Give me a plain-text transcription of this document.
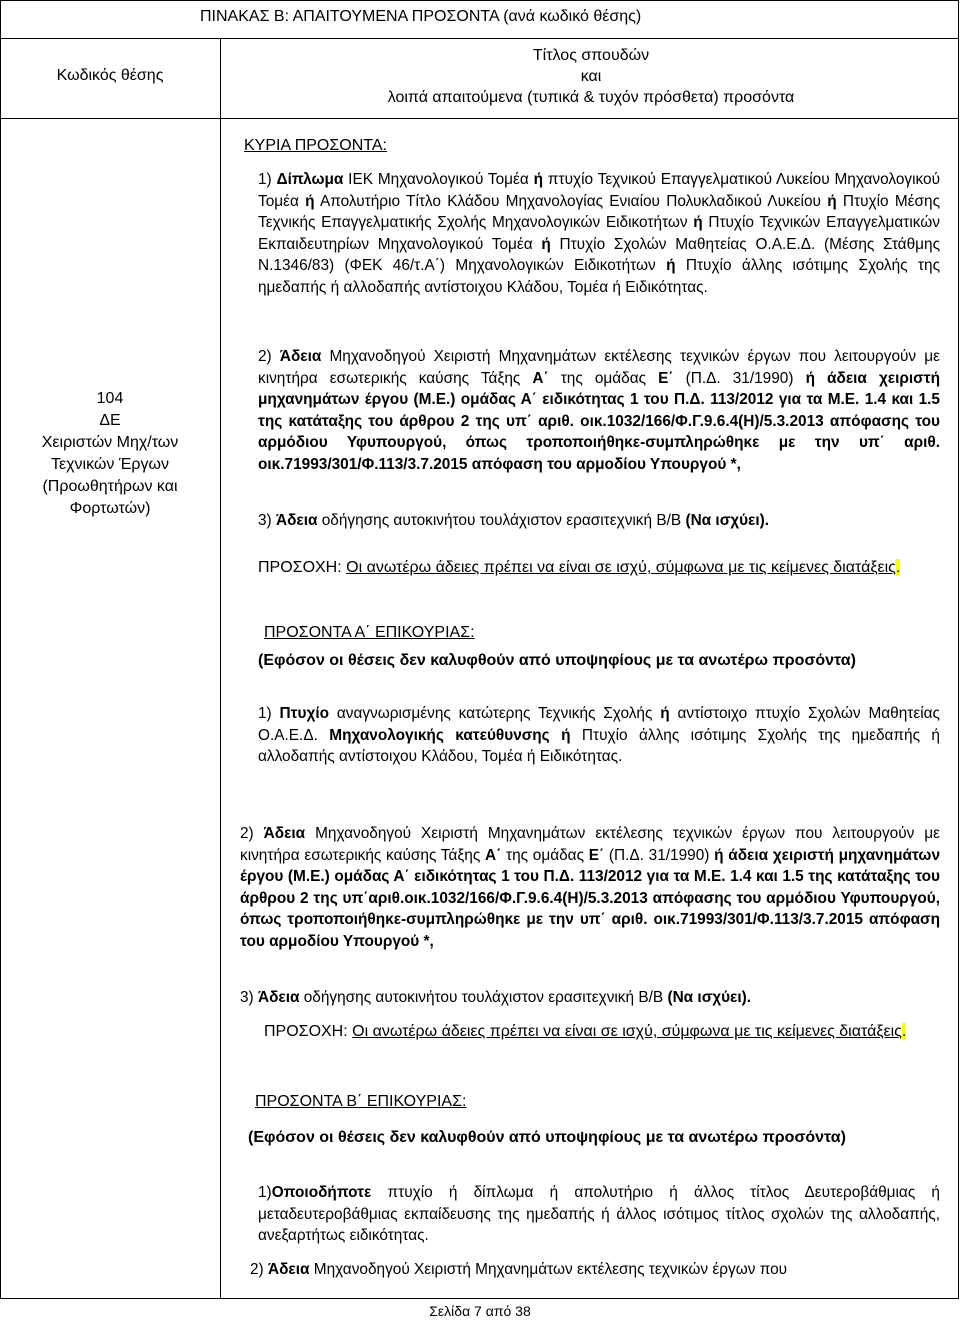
ΠΙΝΑΚΑΣ Β: ΑΠΑΙΤΟΥΜΕΝΑ ΠΡΟΣΟΝΤΑ (ανά κωδικό θέσης)
Κωδικός θέσης
Τίτλος σπουδών
και
λοιπά απαιτούμενα (τυπικά & τυχόν πρόσθετα) προσόντα
104
ΔΕ
Χειριστών Μηχ/των
Τεχνικών Έργων
(Προωθητήρων και
Φορτωτών)
ΚΥΡΙΑ ΠΡΟΣΟΝΤΑ:
1) Δίπλωμα ΙΕΚ Μηχανολογικού Τομέα ή πτυχίο Τεχνικού Επαγγελματικού Λυκείου Μηχανολογικού Τομέα ή Απολυτήριο Τίτλο Κλάδου Μηχανολογίας Ενιαίου Πολυκλαδικού Λυκείου ή Πτυχίο Μέσης Τεχνικής Επαγγελματικής Σχολής Μηχανολογικών Ειδικοτήτων ή Πτυχίο Τεχνικών Επαγγελματικών Εκπαιδευτηρίων Μηχανολογικού Τομέα ή Πτυχίο Σχολών Μαθητείας Ο.Α.Ε.Δ. (Μέσης Στάθμης Ν.1346/83) (ΦΕΚ 46/τ.Α΄) Μηχανολογικών Ειδικοτήτων ή Πτυχίο άλλης ισότιμης Σχολής της ημεδαπής ή αλλοδαπής αντίστοιχου Κλάδου, Τομέα ή Ειδικότητας.
2) Άδεια Μηχανοδηγού Χειριστή Μηχανημάτων εκτέλεσης τεχνικών έργων που λειτουργούν με κινητήρα εσωτερικής καύσης Τάξης Α΄ της ομάδας Ε΄ (Π.Δ. 31/1990) ή άδεια χειριστή μηχανημάτων έργου (Μ.Ε.) ομάδας Α΄ ειδικότητας 1 του Π.Δ. 113/2012 για τα Μ.Ε. 1.4 και 1.5 της κατάταξης του άρθρου 2 της υπ΄ αριθ. οικ.1032/166/Φ.Γ.9.6.4(Η)/5.3.2013 απόφασης του αρμόδιου Υφυπουργού, όπως τροποποιήθηκε-συμπληρώθηκε με την υπ΄ αριθ. οικ.71993/301/Φ.113/3.7.2015 απόφαση του αρμοδίου Υπουργού *,
3) Άδεια οδήγησης αυτοκινήτου τουλάχιστον ερασιτεχνική Β/Β (Να ισχύει).
ΠΡΟΣΟΧΗ: Οι ανωτέρω άδειες πρέπει να είναι σε ισχύ, σύμφωνα με τις κείμενες διατάξεις.
ΠΡΟΣΟΝΤΑ Α΄ ΕΠΙΚΟΥΡΙΑΣ:
(Εφόσον οι θέσεις δεν καλυφθούν από υποψηφίους με τα ανωτέρω προσόντα)
1) Πτυχίο αναγνωρισμένης κατώτερης Τεχνικής Σχολής ή αντίστοιχο πτυχίο Σχολών Μαθητείας Ο.Α.Ε.Δ. Μηχανολογικής κατεύθυνσης ή Πτυχίο άλλης ισότιμης Σχολής της ημεδαπής ή αλλοδαπής αντίστοιχου Κλάδου, Τομέα ή Ειδικότητας.
2) Άδεια Μηχανοδηγού Χειριστή Μηχανημάτων εκτέλεσης τεχνικών έργων που λειτουργούν με κινητήρα εσωτερικής καύσης Τάξης Α΄ της ομάδας Ε΄ (Π.Δ. 31/1990) ή άδεια χειριστή μηχανημάτων έργου (Μ.Ε.) ομάδας Α΄ ειδικότητας 1 του Π.Δ. 113/2012 για τα Μ.Ε. 1.4 και 1.5 της κατάταξης του άρθρου 2 της υπ΄αριθ.οικ.1032/166/Φ.Γ.9.6.4(Η)/5.3.2013 απόφασης του αρμόδιου Υφυπουργού, όπως τροποποιήθηκε-συμπληρώθηκε με την υπ΄ αριθ. οικ.71993/301/Φ.113/3.7.2015 απόφαση του αρμοδίου Υπουργού *,
3) Άδεια οδήγησης αυτοκινήτου τουλάχιστον ερασιτεχνική Β/Β (Να ισχύει).
ΠΡΟΣΟΧΗ: Οι ανωτέρω άδειες πρέπει να είναι σε ισχύ, σύμφωνα με τις κείμενες διατάξεις.
ΠΡΟΣΟΝΤΑ Β΄ ΕΠΙΚΟΥΡΙΑΣ:
(Εφόσον οι θέσεις δεν καλυφθούν από υποψηφίους με τα ανωτέρω προσόντα)
1)Οποιοδήποτε πτυχίο ή δίπλωμα ή απολυτήριο ή άλλος τίτλος Δευτεροβάθμιας ή μεταδευτεροβάθμιας εκπαίδευσης της ημεδαπής ή άλλος ισότιμος τίτλος σχολών της αλλοδαπής, ανεξαρτήτως ειδικότητας.
2) Άδεια Μηχανοδηγού Χειριστή Μηχανημάτων εκτέλεσης τεχνικών έργων που
Σελίδα 7 από 38
